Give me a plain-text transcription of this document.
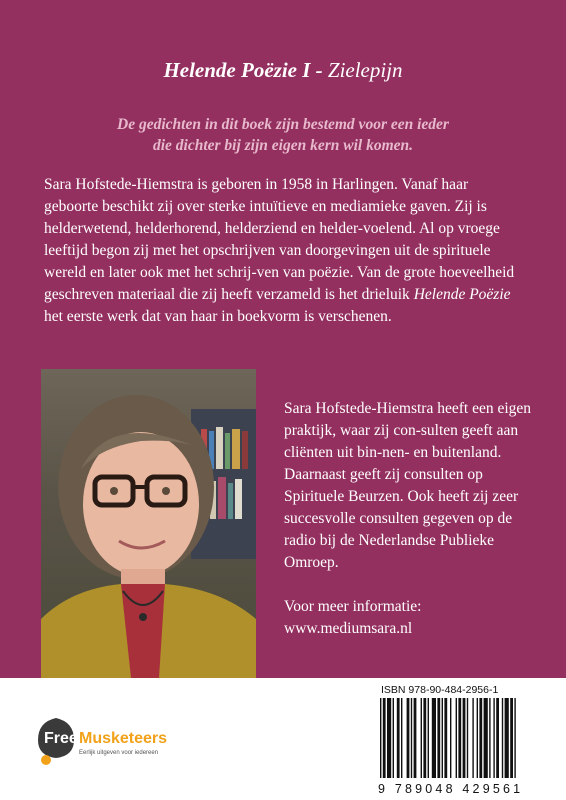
Helende Poëzie I - Zielepijn
De gedichten in dit boek zijn bestemd voor een ieder
die dichter bij zijn eigen kern wil komen.
Sara Hofstede-Hiemstra is geboren in 1958 in Harlingen. Vanaf haar geboorte beschikt zij over sterke intuïtieve en mediamieke gaven. Zij is helderwetend, helderhorend, helderziend en helder-voelend. Al op vroege leeftijd begon zij met het opschrijven van doorgevingen uit de spirituele wereld en later ook met het schrij-ven van poëzie. Van de grote hoeveelheid geschreven materiaal die zij heeft verzameld is het drieluik Helende Poëzie het eerste werk dat van haar in boekvorm is verschenen.
Sara Hofstede-Hiemstra heeft een eigen praktijk, waar zij con-sulten geeft aan cliënten uit bin-nen- en buitenland. Daarnaast geeft zij consulten op Spirituele Beurzen. Ook heeft zij zeer succesvolle consulten gegeven op de radio bij de Nederlandse Publieke Omroep.
Voor meer informatie:
www.mediumsara.nl
Free Musketeers
Eerlijk uitgeven voor iedereen
ISBN 978-90-484-2956-1
9 789048 429561
